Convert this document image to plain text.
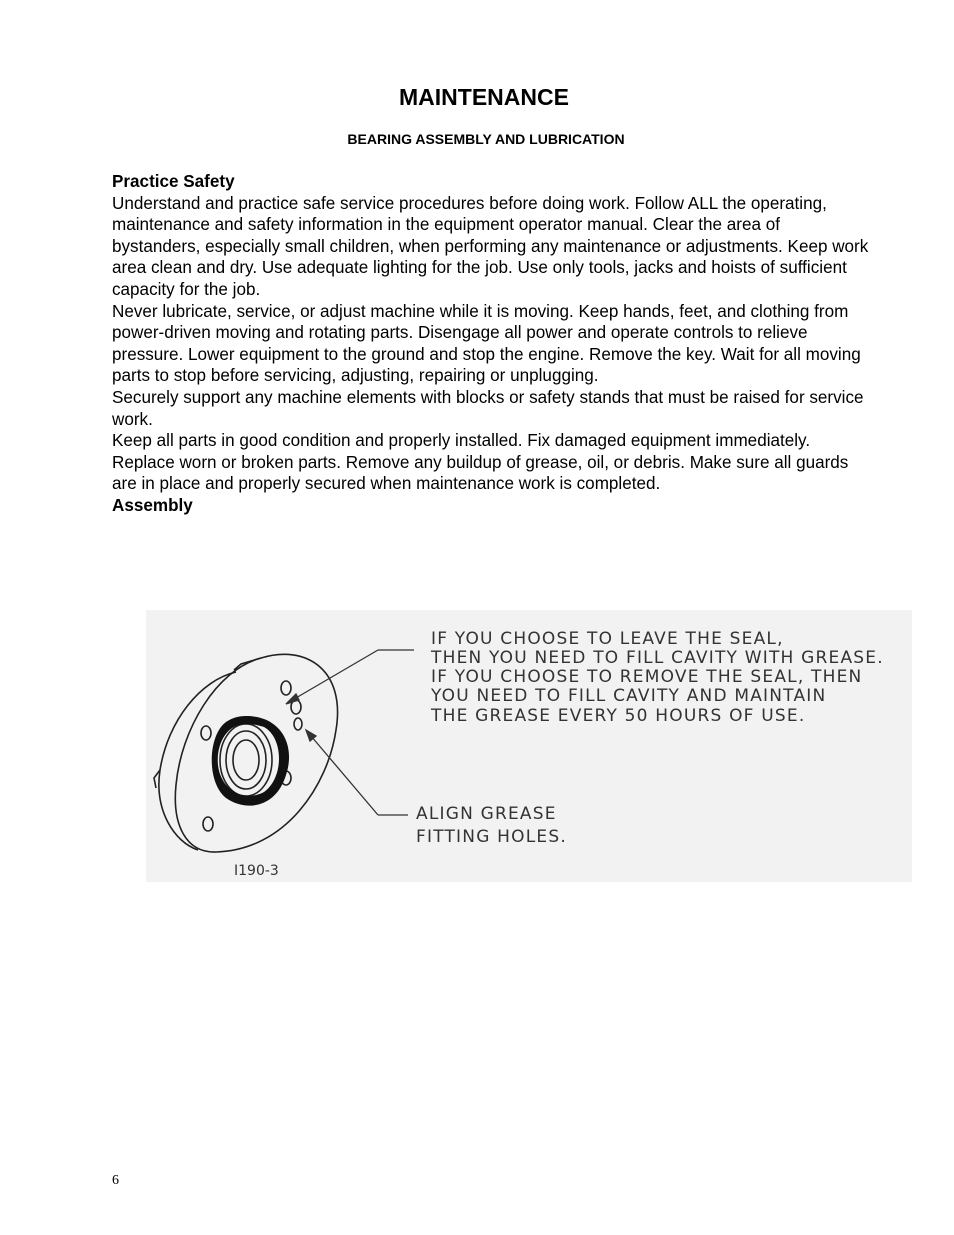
MAINTENANCE
BEARING ASSEMBLY AND LUBRICATION

Practice Safety

Understand and practice safe service procedures before doing work. Follow ALL the operating, maintenance and safety information in the equipment operator manual. Clear the area of bystanders, especially small children, when performing any maintenance or adjustments. Keep work area clean and dry. Use adequate lighting for the job. Use only tools, jacks and hoists of sufficient capacity for the job.

Never lubricate, service, or adjust machine while it is moving. Keep hands, feet, and clothing from power-driven moving and rotating parts. Disengage all power and operate controls to relieve pressure. Lower equipment to the ground and stop the engine. Remove the key. Wait for all moving parts to stop before servicing, adjusting, repairing or unplugging.

Securely support any machine elements with blocks or safety stands that must be raised for service work.

Keep all parts in good condition and properly installed. Fix damaged equipment immediately. Replace worn or broken parts. Remove any buildup of grease, oil, or debris. Make sure all guards are in place and properly secured when maintenance work is completed.

Assembly

IF YOU CHOOSE TO LEAVE THE SEAL,
THEN YOU NEED TO FILL CAVITY WITH GREASE.
IF YOU CHOOSE TO REMOVE THE SEAL, THEN
YOU NEED TO FILL CAVITY AND MAINTAIN
THE GREASE EVERY 50 HOURS OF USE.
ALIGN GREASE
FITTING HOLES.
I190-3
6
